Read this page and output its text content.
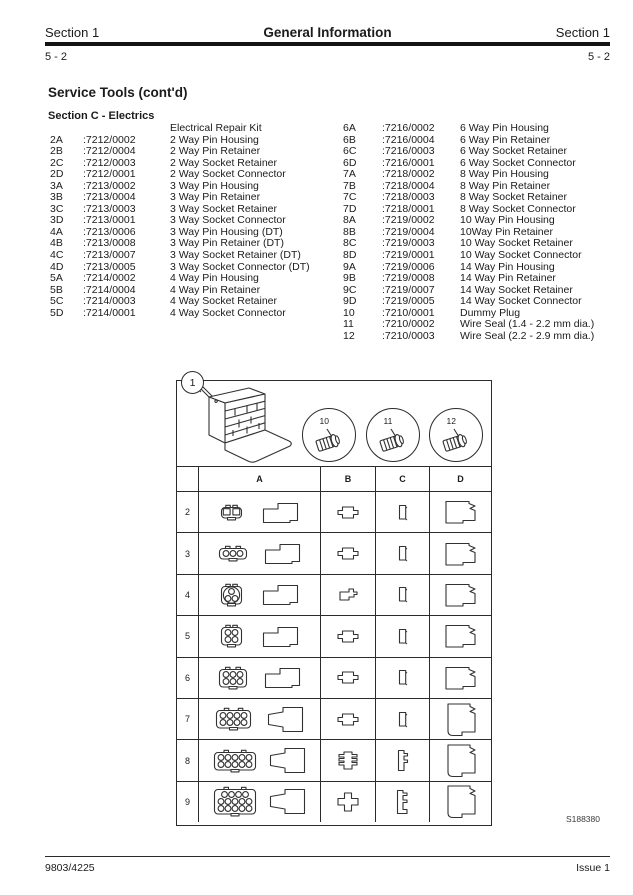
Section 1	General Information	Section 1
5 - 2	5 - 2
Service Tools (cont'd)
Section C - Electrics
Electrical Repair Kit
2A	:7212/0002	2 Way Pin Housing
2B	:7212/0004	2 Way Pin Retainer
2C	:7212/0003	2 Way Socket Retainer
2D	:7212/0001	2 Way Socket Connector
3A	:7213/0002	3 Way Pin Housing
3B	:7213/0004	3 Way Pin Retainer
3C	:7213/0003	3 Way Socket Retainer
3D	:7213/0001	3 Way Socket Connector
4A	:7213/0006	3 Way Pin Housing (DT)
4B	:7213/0008	3 Way Pin Retainer (DT)
4C	:7213/0007	3 Way Socket Retainer (DT)
4D	:7213/0005	3 Way Socket Connector (DT)
5A	:7214/0002	4 Way Pin Housing
5B	:7214/0004	4 Way Pin Retainer
5C	:7214/0003	4 Way Socket Retainer
5D	:7214/0001	4 Way Socket Connector
6A	:7216/0002	6 Way Pin Housing
6B	:7216/0004	6 Way Pin Retainer
6C	:7216/0003	6 Way Socket Retainer
6D	:7216/0001	6 Way Socket Connector
7A	:7218/0002	8 Way Pin Housing
7B	:7218/0004	8 Way Pin Retainer
7C	:7218/0003	8 Way Socket Retainer
7D	:7218/0001	8 Way Socket Connector
8A	:7219/0002	10 Way Pin Housing
8B	:7219/0004	10Way Pin Retainer
8C	:7219/0003	10 Way Socket Retainer
8D	:7219/0001	10 Way Socket Connector
9A	:7219/0006	14 Way Pin Housing
9B	:7219/0008	14 Way Pin Retainer
9C	:7219/0007	14 Way Socket Retainer
9D	:7219/0005	14 Way Socket Connector
10	:7210/0001	Dummy Plug
11	:7210/0002	Wire Seal (1.4 - 2.2 mm dia.)
12	:7210/0003	Wire Seal (2.2 - 2.9 mm dia.)
1
10	11	12
A	B	C	D
2
3
4
5
6
7
8
9
S188380
9803/4225	Issue 1
